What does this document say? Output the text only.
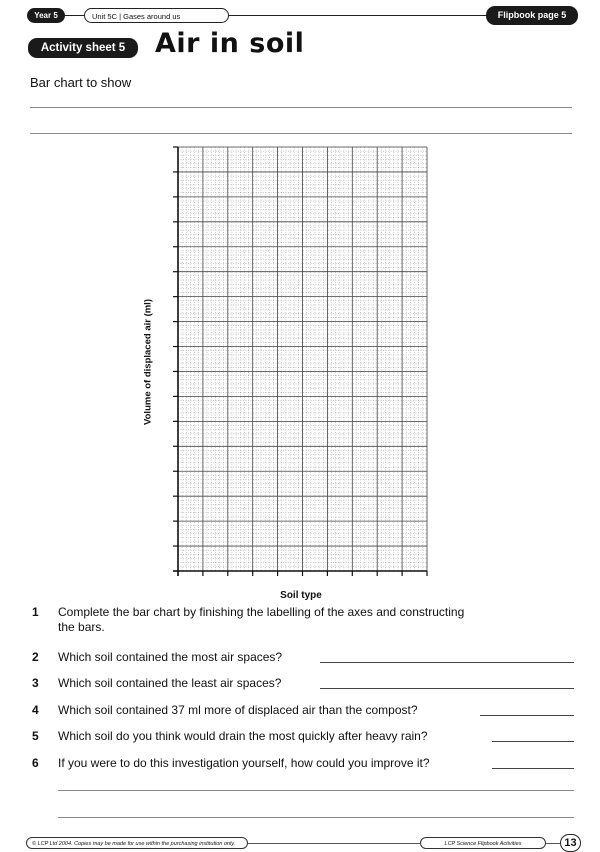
Year 5	Unit 5C | Gases around us	Flipbook page 5
Activity sheet 5	Air in soil
Bar chart to show
Volume of displaced air (ml)
Soil type
1 Complete the bar chart by finishing the labelling of the axes and constructing
the bars.
2 Which soil contained the most air spaces?
3 Which soil contained the least air spaces?
4 Which soil contained 37 ml more of displaced air than the compost?
5 Which soil do you think would drain the most quickly after heavy rain?
6 If you were to do this investigation yourself, how could you improve it?
© LCP Ltd 2004. Copies may be made for use within the purchasing institution only.	LCP Science Flipbook Activities	13
